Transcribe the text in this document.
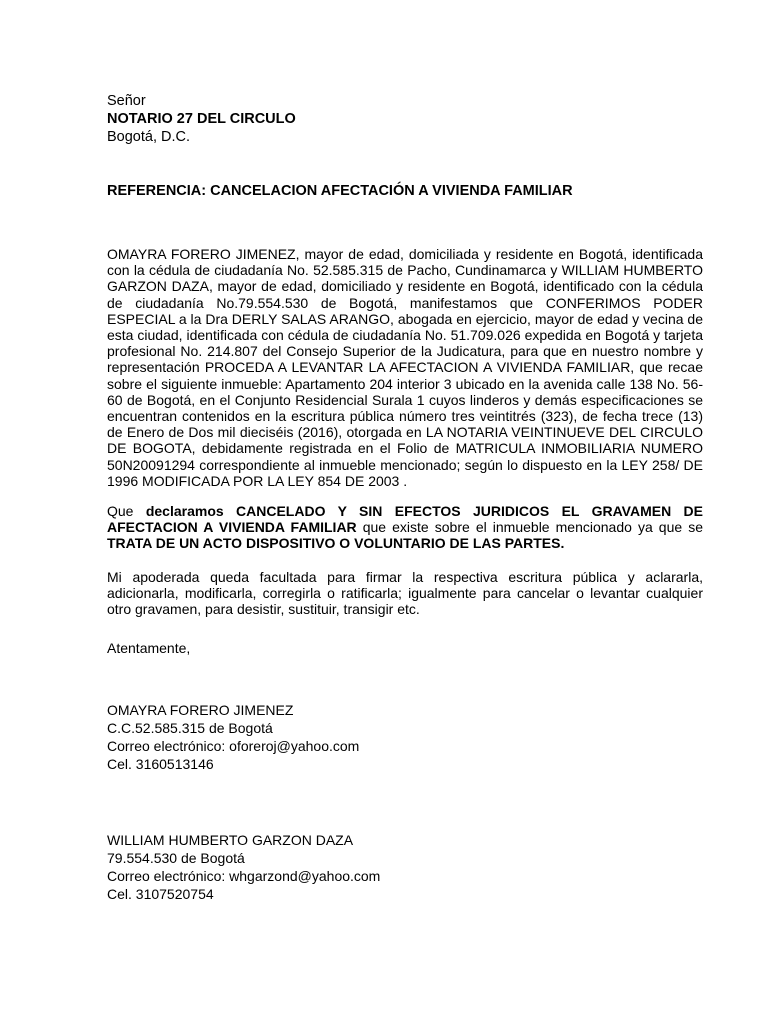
Señor
NOTARIO 27 DEL CIRCULO
Bogotá, D.C.
REFERENCIA: CANCELACION AFECTACIÓN A VIVIENDA FAMILIAR
OMAYRA FORERO JIMENEZ, mayor de edad, domiciliada y residente en Bogotá, identificada con la cédula de ciudadanía No. 52.585.315 de Pacho, Cundinamarca y WILLIAM HUMBERTO GARZON DAZA, mayor de edad, domiciliado y residente en Bogotá, identificado con la cédula de ciudadanía No.79.554.530 de Bogotá, manifestamos que CONFERIMOS PODER ESPECIAL a la Dra DERLY SALAS ARANGO, abogada en ejercicio, mayor de edad y vecina de esta ciudad, identificada con cédula de ciudadanía No. 51.709.026 expedida en Bogotá y tarjeta profesional No. 214.807 del Consejo Superior de la Judicatura, para que en nuestro nombre y representación PROCEDA A LEVANTAR LA AFECTACION A VIVIENDA FAMILIAR, que recae sobre el siguiente inmueble: Apartamento 204 interior 3 ubicado en la avenida calle 138 No. 56-60 de Bogotá, en el Conjunto Residencial Surala 1 cuyos linderos y demás especificaciones se encuentran contenidos en la escritura pública número tres veintitrés (323), de fecha trece (13) de Enero de Dos mil dieciséis (2016), otorgada en LA NOTARIA VEINTINUEVE DEL CIRCULO DE BOGOTA, debidamente registrada en el Folio de MATRICULA INMOBILIARIA NUMERO 50N20091294 correspondiente al inmueble mencionado; según lo dispuesto en la LEY 258/ DE 1996 MODIFICADA POR LA LEY 854 DE 2003 .
Que declaramos CANCELADO Y SIN EFECTOS JURIDICOS EL GRAVAMEN DE AFECTACION A VIVIENDA FAMILIAR que existe sobre el inmueble mencionado ya que se TRATA DE UN ACTO DISPOSITIVO O VOLUNTARIO DE LAS PARTES.
Mi apoderada queda facultada para firmar la respectiva escritura pública y aclararla, adicionarla, modificarla, corregirla o ratificarla; igualmente para cancelar o levantar cualquier otro gravamen, para desistir, sustituir, transigir etc.
Atentamente,
OMAYRA FORERO JIMENEZ
C.C.52.585.315 de Bogotá
Correo electrónico: oforeroj@yahoo.com
Cel. 3160513146
WILLIAM HUMBERTO GARZON DAZA
79.554.530 de Bogotá
Correo electrónico: whgarzond@yahoo.com
Cel. 3107520754
